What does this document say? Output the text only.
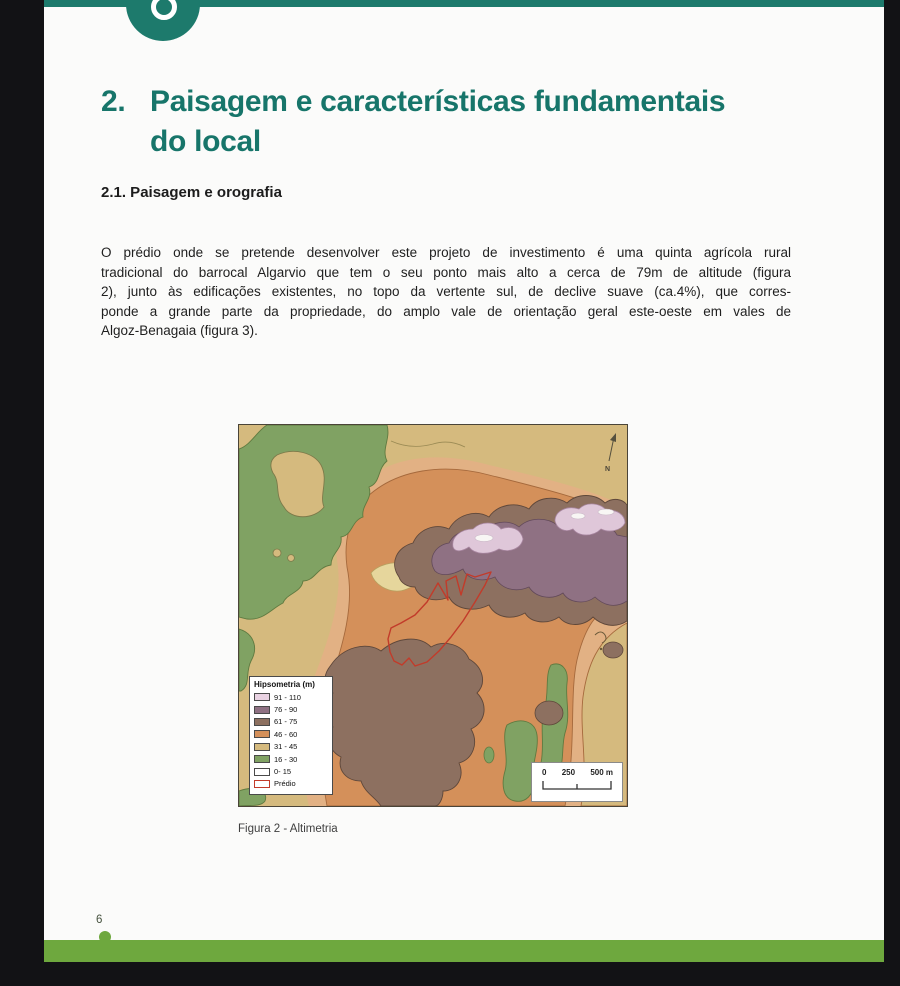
2. Paisagem e características fundamentais
do local
2.1. Paisagem e orografia
O prédio onde se pretende desenvolver este projeto de investimento é uma quinta agrícola rural
tradicional do barrocal Algarvio que tem o seu ponto mais alto a cerca de 79m de altitude (figura
2), junto às edificações existentes, no topo da vertente sul, de declive suave (ca.4%), que corres-
ponde a grande parte da propriedade, do amplo vale de orientação geral este-oeste em vales de
Algoz-Benagaia (figura 3).
N
Hipsometria (m)
91 - 110
76 - 90
61 - 75
46 - 60
31 - 45
16 - 30
0- 15
Prédio
0 250 500 m
Figura 2 - Altimetria
6
